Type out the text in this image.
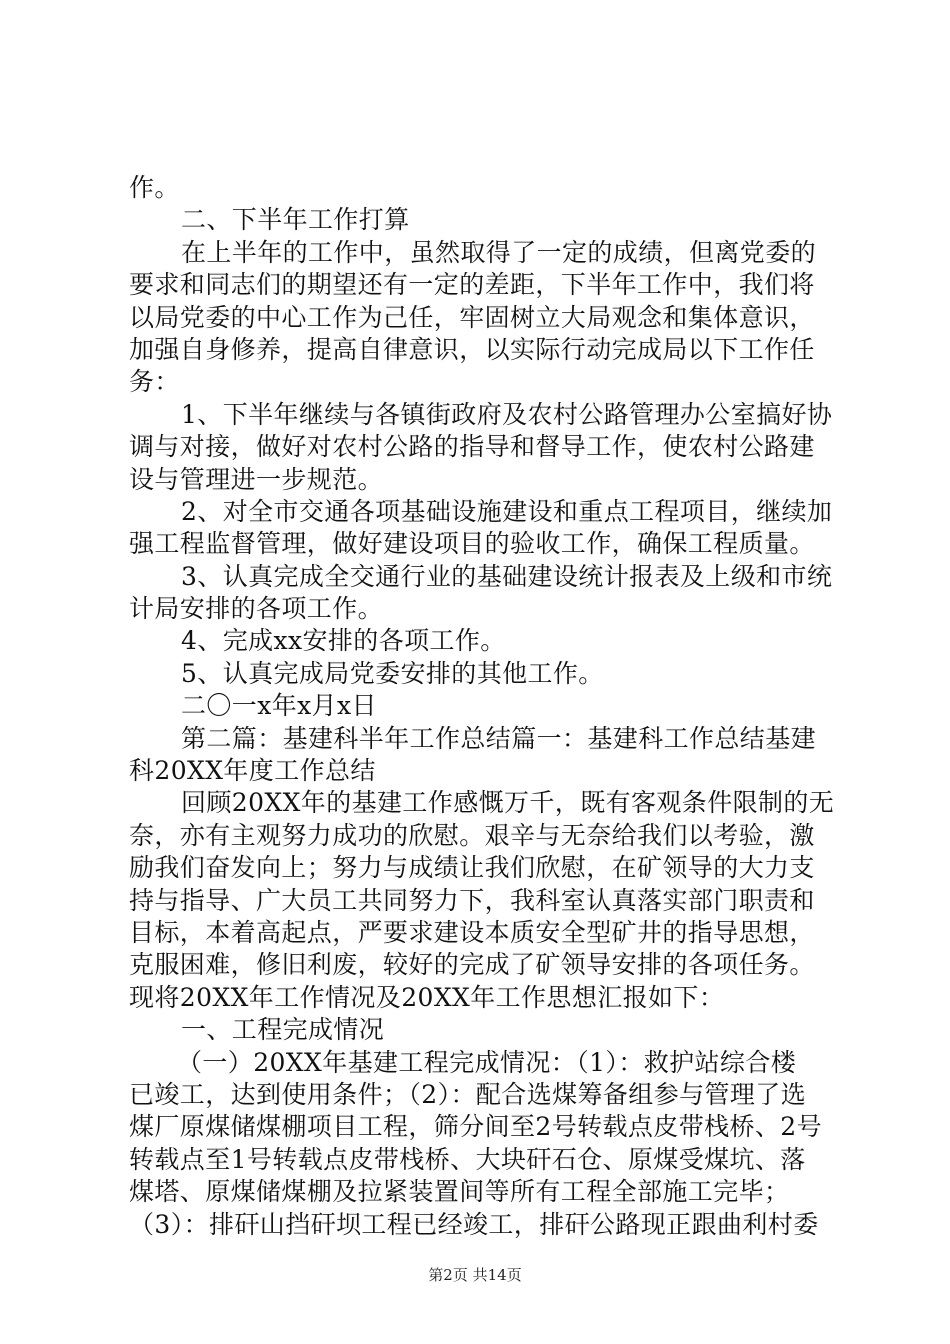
作。
二、下半年工作打算
在上半年的工作中，虽然取得了一定的成绩，但离党委的
要求和同志们的期望还有一定的差距，下半年工作中，我们将
以局党委的中心工作为己任，牢固树立大局观念和集体意识，
加强自身修养，提高自律意识，以实际行动完成局以下工作任
务：
1、下半年继续与各镇街政府及农村公路管理办公室搞好协
调与对接，做好对农村公路的指导和督导工作，使农村公路建
设与管理进一步规范。
2、对全市交通各项基础设施建设和重点工程项目，继续加
强工程监督管理，做好建设项目的验收工作，确保工程质量。
3、认真完成全交通行业的基础建设统计报表及上级和市统
计局安排的各项工作。
4、完成xx安排的各项工作。
5、认真完成局党委安排的其他工作。
二〇一x年x月x日
第二篇：基建科半年工作总结篇一：基建科工作总结基建
科20XX年度工作总结
回顾20XX年的基建工作感慨万千，既有客观条件限制的无
奈，亦有主观努力成功的欣慰。艰辛与无奈给我们以考验，激
励我们奋发向上；努力与成绩让我们欣慰，在矿领导的大力支
持与指导、广大员工共同努力下，我科室认真落实部门职责和
目标，本着高起点，严要求建设本质安全型矿井的指导思想，
克服困难，修旧利废，较好的完成了矿领导安排的各项任务。
现将20XX年工作情况及20XX年工作思想汇报如下：
一、工程完成情况
（一）20XX年基建工程完成情况：（1）：救护站综合楼
已竣工，达到使用条件；（2）：配合选煤筹备组参与管理了选
煤厂原煤储煤棚项目工程，筛分间至2号转载点皮带栈桥、2号
转载点至1号转载点皮带栈桥、大块矸石仓、原煤受煤坑、落
煤塔、原煤储煤棚及拉紧装置间等所有工程全部施工完毕；
（3）：排矸山挡矸坝工程已经竣工，排矸公路现正跟曲利村委
第2页 共14页
